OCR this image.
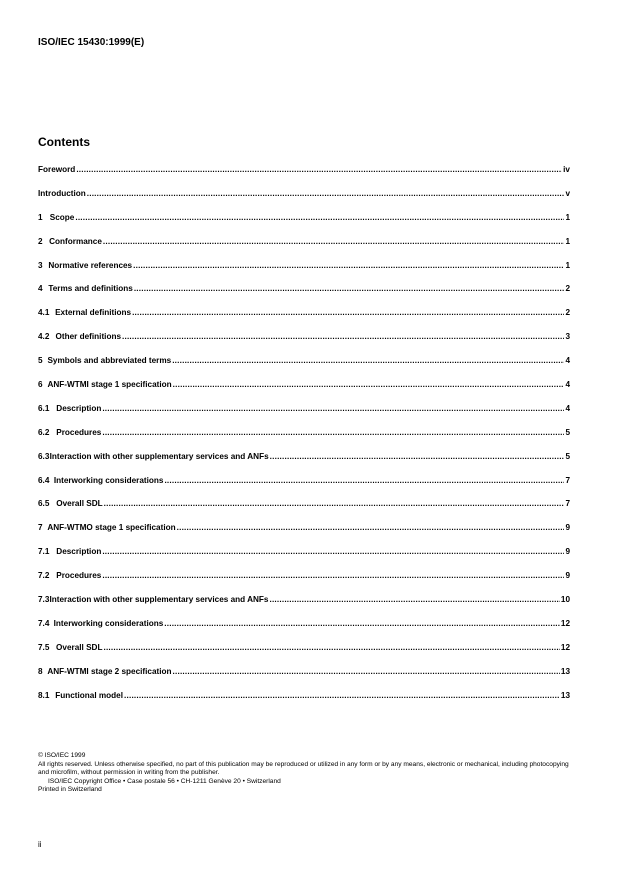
ISO/IEC 15430:1999(E)
Contents
Foreword .....	iv
Introduction .....	v
1 Scope .....	1
2 Conformance .....	1
3 Normative references .....	1
4 Terms and definitions .....	2
4.1 External definitions .....	2
4.2 Other definitions .....	3
5 Symbols and abbreviated terms .....	4
6 ANF-WTMI stage 1 specification .....	4
6.1 Description .....	4
6.2 Procedures .....	5
6.3 Interaction with other supplementary services and ANFs .....	5
6.4 Interworking considerations .....	7
6.5 Overall SDL .....	7
7 ANF-WTMO stage 1 specification .....	9
7.1 Description .....	9
7.2 Procedures .....	9
7.3 Interaction with other supplementary services and ANFs .....	10
7.4 Interworking considerations .....	12
7.5 Overall SDL .....	12
8 ANF-WTMI stage 2 specification .....	13
8.1 Functional model .....	13
© ISO/IEC 1999
All rights reserved. Unless otherwise specified, no part of this publication may be reproduced or utilized in any form or by any means, electronic or mechanical, including photocopying and microfilm, without permission in writing from the publisher.
ISO/IEC Copyright Office • Case postale 56 • CH-1211 Genève 20 • Switzerland
Printed in Switzerland
ii
